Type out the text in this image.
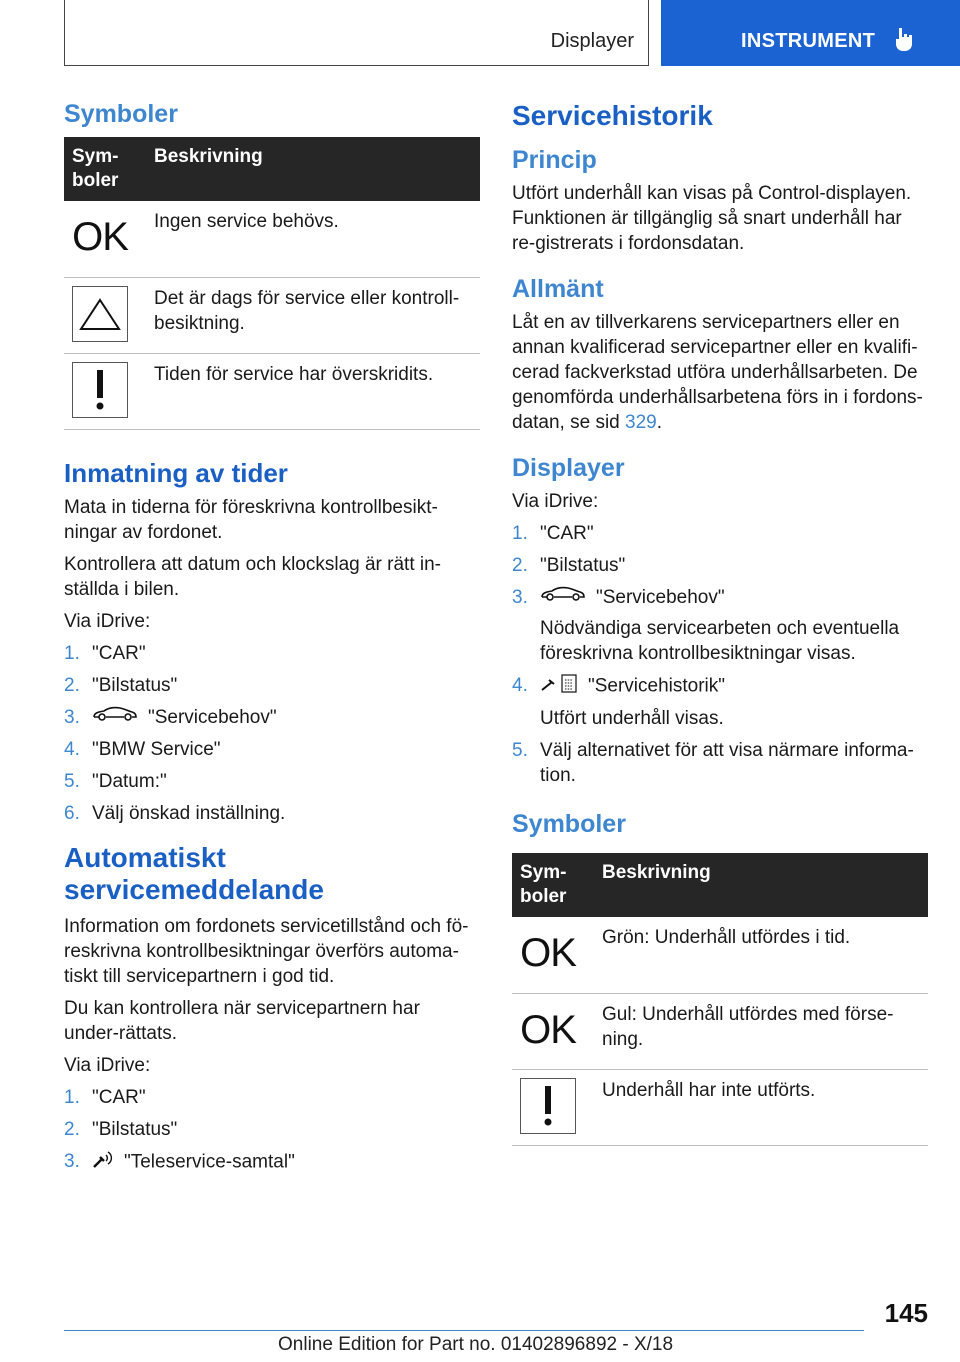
Displayer	INSTRUMENT
Symboler
Sym-
boler	Beskrivning

OK	Ingen service behövs.

	Det är dags för service eller kontroll-besiktning.

	Tiden för service har överskridits.
Inmatning av tider

Mata in tiderna för föreskrivna kontrollbesikt-ningar av fordonet.

Kontrollera att datum och klockslag är rätt in-ställda i bilen.

Via iDrive:

1. "CAR"
2. "Bilstatus"
3.	"Servicebehov"
4. "BMW Service"
5. "Datum:"
6. Välj önskad inställning.
Automatiskt servicemeddelande

Information om fordonets servicetillstånd och fö-reskrivna kontrollbesiktningar överförs automa-tiskt till servicepartnern i god tid.

Du kan kontrollera när servicepartnern har under-rättats.

Via iDrive:

1. "CAR"
2. "Bilstatus"
3.	"Teleservice-samtal"
Servicehistorik
Princip

Utfört underhåll kan visas på Control-displayen. Funktionen är tillgänglig så snart underhåll har re-gistrerats i fordonsdatan.

Allmänt

Låt en av tillverkarens servicepartners eller en annan kvalificerad servicepartner eller en kvalifi-cerad fackverkstad utföra underhållsarbeten. De genomförda underhållsarbetena förs in i fordons-datan, se sid 329.

Displayer

Via iDrive:

1. "CAR"
2. "Bilstatus"
3.	"Servicebehov"
Nödvändiga servicearbeten och eventuella föreskrivna kontrollbesiktningar visas.
4.	"Servicehistorik"
Utfört underhåll visas.
5. Välj alternativet för att visa närmare informa-tion.
Symboler
Sym-
boler	Beskrivning

OK	Grön: Underhåll utfördes i tid.

OK	Gul: Underhåll utfördes med förse-ning.

	Underhåll har inte utförts.
145
Online Edition for Part no. 01402896892 - X/18
